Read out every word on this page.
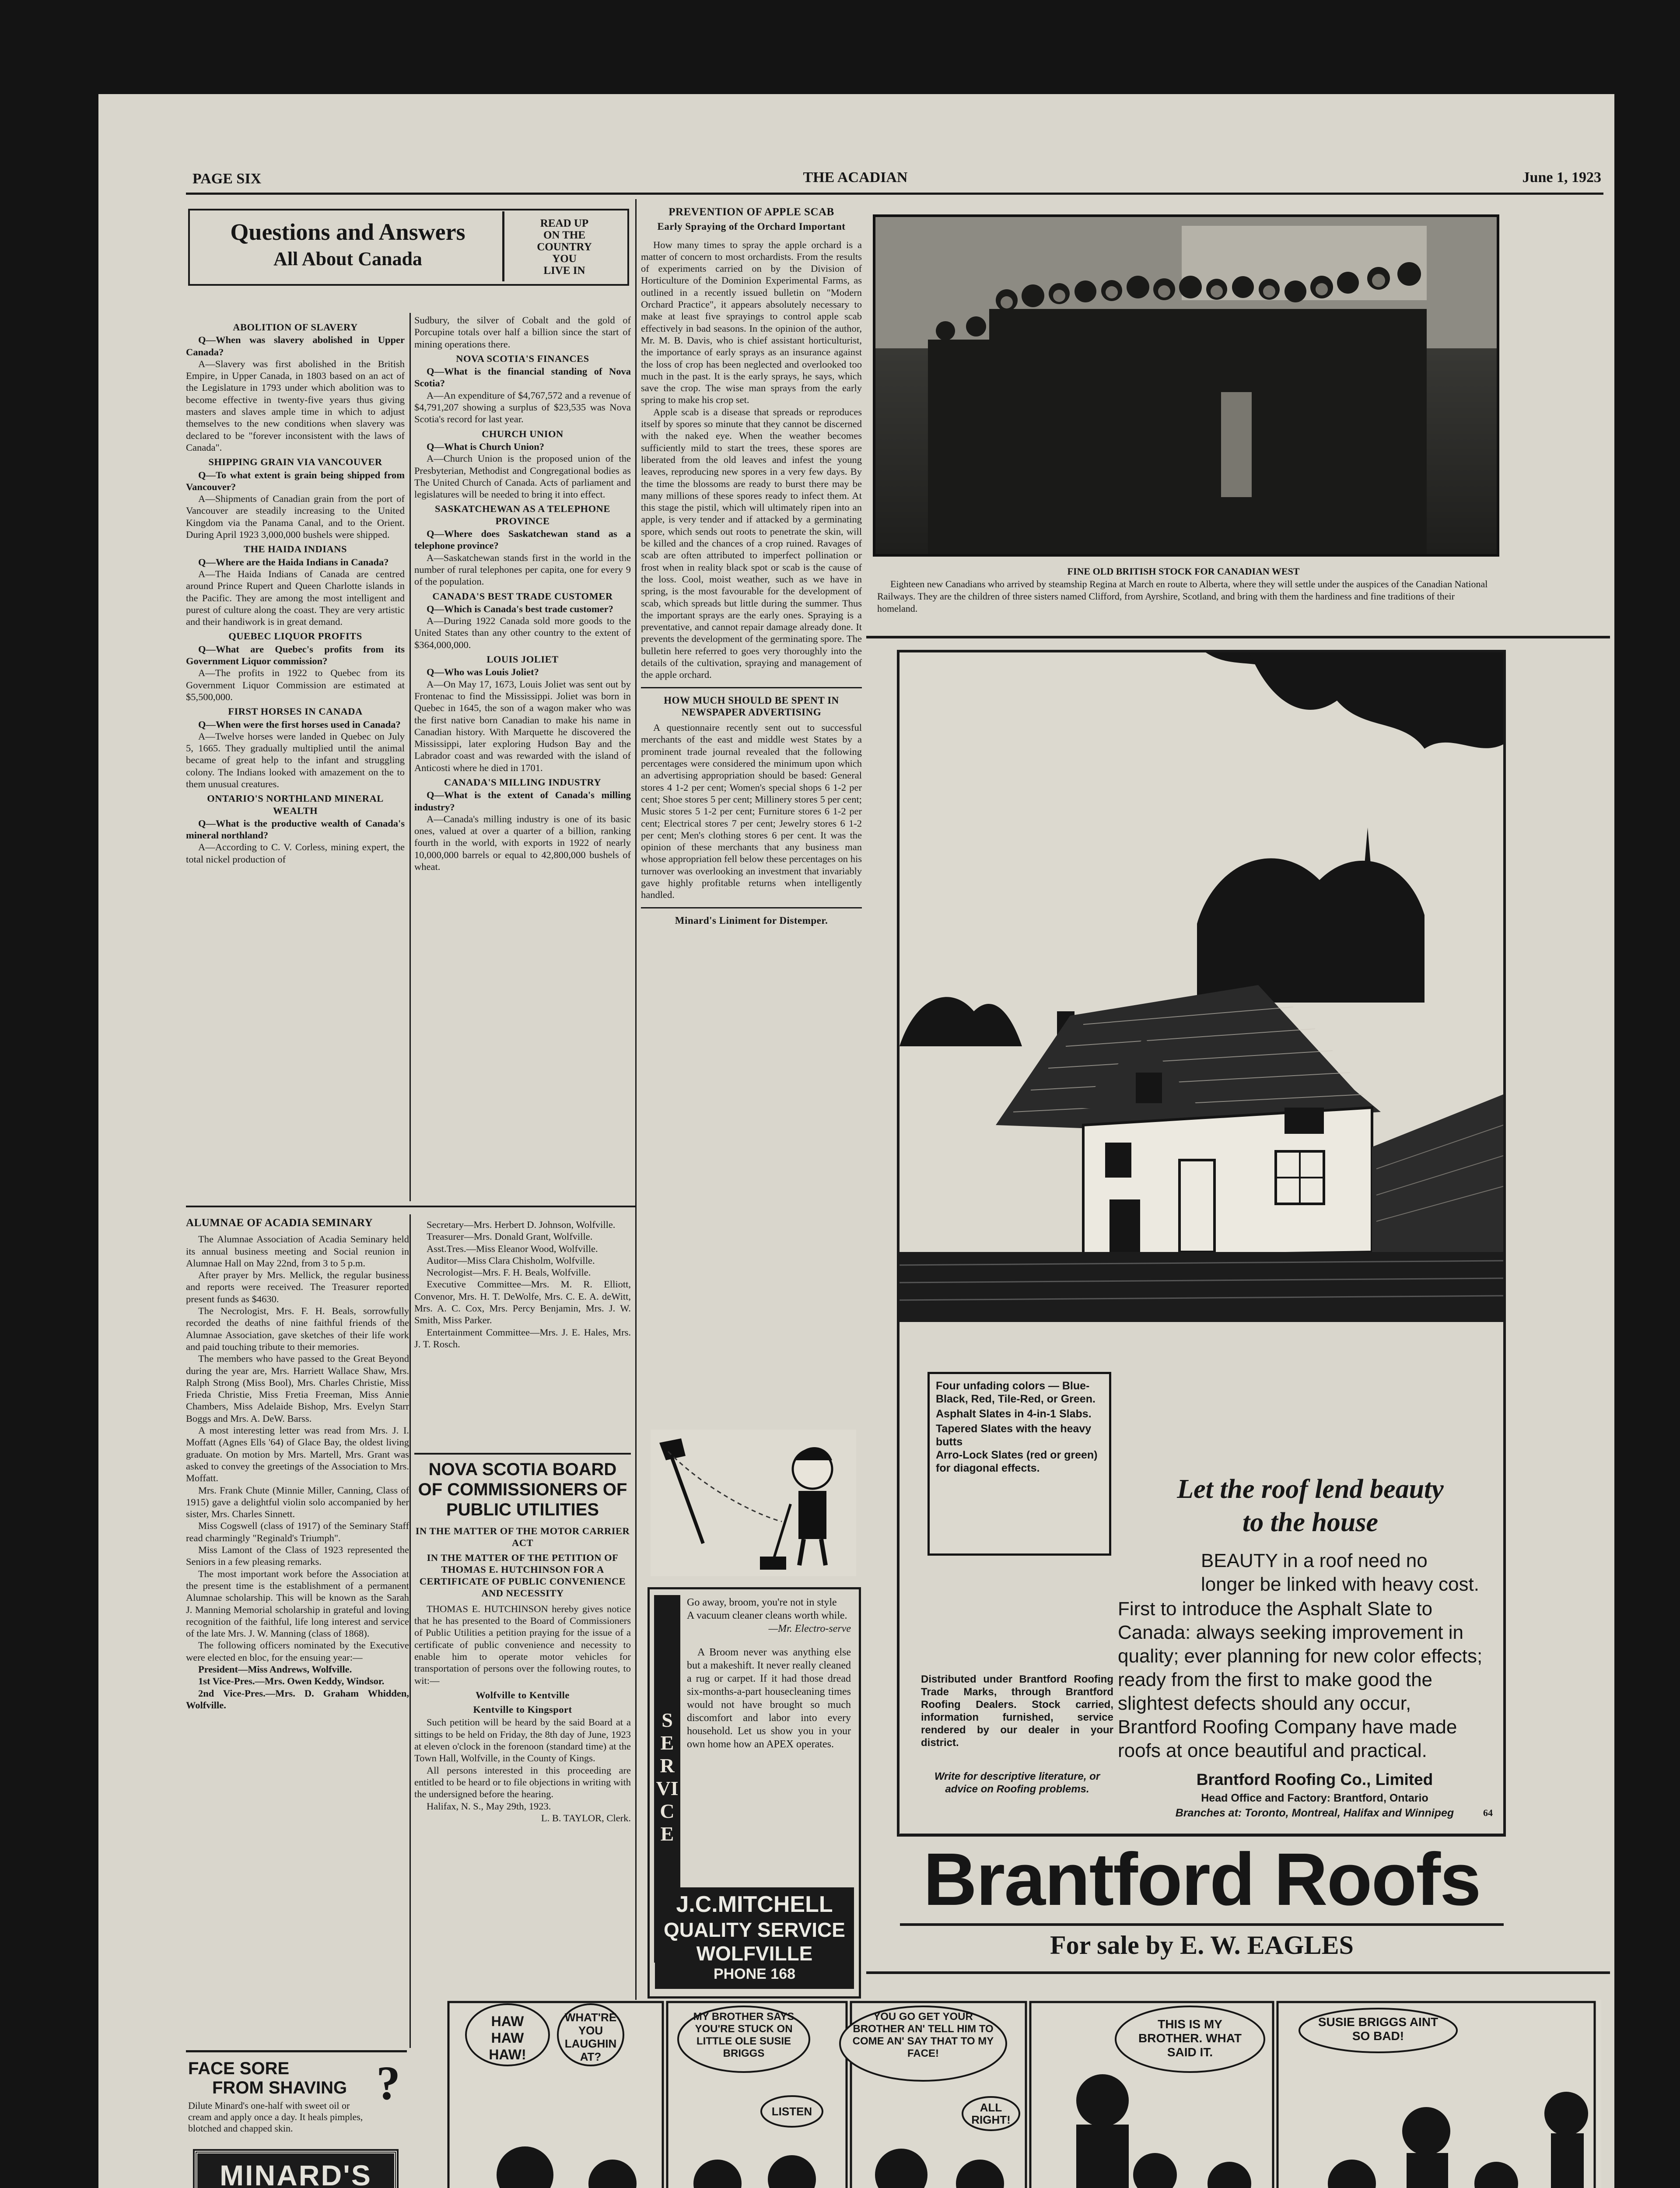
PAGE SIX	THE ACADIAN	June 1, 1923
Questions and Answers
All About Canada
READ UP
ON THE
COUNTRY
YOU
LIVE IN
ABOLITION OF SLAVERY

Q—When was slavery abolished in Upper Canada?

A—Slavery was first abolished in the British Empire, in Upper Canada, in 1803 based on an act of the Legislature in 1793 under which abolition was to become effective in twenty-five years thus giving masters and slaves ample time in which to adjust themselves to the new conditions when slavery was declared to be "forever inconsistent with the laws of Canada".

SHIPPING GRAIN VIA VANCOUVER

Q—To what extent is grain being shipped from Vancouver?

A—Shipments of Canadian grain from the port of Vancouver are steadily increasing to the United Kingdom via the Panama Canal, and to the Orient. During April 1923 3,000,000 bushels were shipped.

THE HAIDA INDIANS

Q—Where are the Haida Indians in Canada?

A—The Haida Indians of Canada are centred around Prince Rupert and Queen Charlotte islands in the Pacific. They are among the most intelligent and purest of culture along the coast. They are very artistic and their handiwork is in great demand.

QUEBEC LIQUOR PROFITS

Q—What are Quebec's profits from its Government Liquor commission?

A—The profits in 1922 to Quebec from its Government Liquor Commission are estimated at $5,500,000.

FIRST HORSES IN CANADA

Q—When were the first horses used in Canada?

A—Twelve horses were landed in Quebec on July 5, 1665. They gradually multiplied until the animal became of great help to the infant and struggling colony. The Indians looked with amazement on the to them unusual creatures.

ONTARIO'S NORTHLAND MINERAL WEALTH

Q—What is the productive wealth of Canada's mineral northland?

A—According to C. V. Corless, mining expert, the total nickel production of

Sudbury, the silver of Cobalt and the gold of Porcupine totals over half a billion since the start of mining operations there.

NOVA SCOTIA'S FINANCES

Q—What is the financial standing of Nova Scotia?

A—An expenditure of $4,767,572 and a revenue of $4,791,207 showing a surplus of $23,535 was Nova Scotia's record for last year.

CHURCH UNION

Q—What is Church Union?

A—Church Union is the proposed union of the Presbyterian, Methodist and Congregational bodies as The United Church of Canada. Acts of parliament and legislatures will be needed to bring it into effect.

SASKATCHEWAN AS A TELEPHONE PROVINCE

Q—Where does Saskatchewan stand as a telephone province?

A—Saskatchewan stands first in the world in the number of rural telephones per capita, one for every 9 of the population.

CANADA'S BEST TRADE CUSTOMER

Q—Which is Canada's best trade customer?

A—During 1922 Canada sold more goods to the United States than any other country to the extent of $364,000,000.

LOUIS JOLIET

Q—Who was Louis Joliet?

A—On May 17, 1673, Louis Joliet was sent out by Frontenac to find the Mississippi. Joliet was born in Quebec in 1645, the son of a wagon maker who was the first native born Canadian to make his name in Canadian history. With Marquette he discovered the Mississippi, later exploring Hudson Bay and the Labrador coast and was rewarded with the island of Anticosti where he died in 1701.

CANADA'S MILLING INDUSTRY

Q—What is the extent of Canada's milling industry?

A—Canada's milling industry is one of its basic ones, valued at over a quarter of a billion, ranking fourth in the world, with exports in 1922 of nearly 10,000,000 barrels or equal to 42,800,000 bushels of wheat.

PREVENTION OF APPLE SCAB
Early Spraying of the Orchard Important

How many times to spray the apple orchard is a matter of concern to most orchardists. From the results of experiments carried on by the Division of Horticulture of the Dominion Experimental Farms, as outlined in a recently issued bulletin on "Modern Orchard Practice", it appears absolutely necessary to make at least five sprayings to control apple scab effectively in bad seasons. In the opinion of the author, Mr. M. B. Davis, who is chief assistant horticulturist, the importance of early sprays as an insurance against the loss of crop has been neglected and overlooked too much in the past. It is the early sprays, he says, which save the crop. The wise man sprays from the early spring to make his crop set.

Apple scab is a disease that spreads or reproduces itself by spores so minute that they cannot be discerned with the naked eye. When the weather becomes sufficiently mild to start the trees, these spores are liberated from the old leaves and infest the young leaves, reproducing new spores in a very few days. By the time the blossoms are ready to burst there may be many millions of these spores ready to infect them. At this stage the pistil, which will ultimately ripen into an apple, is very tender and if attacked by a germinating spore, which sends out roots to penetrate the skin, will be killed and the chances of a crop ruined. Ravages of scab are often attributed to imperfect pollination or frost when in reality black spot or scab is the cause of the loss. Cool, moist weather, such as we have in spring, is the most favourable for the development of scab, which spreads but little during the summer. Thus the important sprays are the early ones. Spraying is a preventative, and cannot repair damage already done. It prevents the development of the germinating spore. The bulletin here referred to goes very thoroughly into the details of the cultivation, spraying and management of the apple orchard.

HOW MUCH SHOULD BE SPENT IN NEWSPAPER ADVERTISING

A questionnaire recently sent out to successful merchants of the east and middle west States by a prominent trade journal revealed that the following percentages were considered the minimum upon which an advertising appropriation should be based: General stores 4 1-2 per cent; Women's special shops 6 1-2 per cent; Shoe stores 5 per cent; Millinery stores 5 per cent; Music stores 5 1-2 per cent; Furniture stores 6 1-2 per cent; Electrical stores 7 per cent; Jewelry stores 6 1-2 per cent; Men's clothing stores 6 per cent. It was the opinion of these merchants that any business man whose appropriation fell below these percentages on his turnover was overlooking an investment that invariably gave highly profitable returns when intelligently handled.

Minard's Liniment for Distemper.
SERVICE
Go away, broom, you're not in style
A vacuum cleaner cleans worth while.
—Mr. Electro-serve
A Broom never was anything else but a makeshift. It never really cleaned a rug or carpet. If it had those dread six-months-a-part housecleaning times would not have brought so much discomfort and labor into every household. Let us show you in your own home how an APEX operates.
J.C.MITCHELL
QUALITY SERVICE
WOLFVILLE
PHONE 168
ALUMNAE OF ACADIA SEMINARY

The Alumnae Association of Acadia Seminary held its annual business meeting and Social reunion in Alumnae Hall on May 22nd, from 3 to 5 p.m.

After prayer by Mrs. Mellick, the regular business and reports were received. The Treasurer reported present funds as $4630.

The Necrologist, Mrs. F. H. Beals, sorrowfully recorded the deaths of nine faithful friends of the Alumnae Association, gave sketches of their life work and paid touching tribute to their memories.

The members who have passed to the Great Beyond during the year are, Mrs. Harriett Wallace Shaw, Mrs. Ralph Strong (Miss Bool), Mrs. Charles Christie, Miss Frieda Christie, Miss Fretia Freeman, Miss Annie Chambers, Miss Adelaide Bishop, Mrs. Evelyn Starr Boggs and Mrs. A. DeW. Barss.

A most interesting letter was read from Mrs. J. I. Moffatt (Agnes Ells '64) of Glace Bay, the oldest living graduate. On motion by Mrs. Martell, Mrs. Grant was asked to convey the greetings of the Association to Mrs. Moffatt.

Mrs. Frank Chute (Minnie Miller, Canning, Class of 1915) gave a delightful violin solo accompanied by her sister, Mrs. Charles Sinnett.

Miss Cogswell (class of 1917) of the Seminary Staff read charmingly "Reginald's Triumph".

Miss Lamont of the Class of 1923 represented the Seniors in a few pleasing remarks.

The most important work before the Association at the present time is the establishment of a permanent Alumnae scholarship. This will be known as the Sarah J. Manning Memorial scholarship in grateful and loving recognition of the faithful, life long interest and service of the late Mrs. J. W. Manning (class of 1868).

The following officers nominated by the Executive were elected en bloc, for the ensuing year:—

President—Miss Andrews, Wolfville.

1st Vice-Pres.—Mrs. Owen Keddy, Windsor.

2nd Vice-Pres.—Mrs. D. Graham Whidden, Wolfville.

Secretary—Mrs. Herbert D. Johnson, Wolfville.

Treasurer—Mrs. Donald Grant, Wolfville.

Asst.Tres.—Miss Eleanor Wood, Wolfville.

Auditor—Miss Clara Chisholm, Wolfville.

Necrologist—Mrs. F. H. Beals, Wolfville.

Executive Committee—Mrs. M. R. Elliott, Convenor, Mrs. H. T. DeWolfe, Mrs. C. E. A. deWitt, Mrs. A. C. Cox, Mrs. Percy Benjamin, Mrs. J. W. Smith, Miss Parker.

Entertainment Committee—Mrs. J. E. Hales, Mrs. J. T. Rosch.

NOVA SCOTIA BOARD OF COMMISSIONERS OF PUBLIC UTILITIES
IN THE MATTER OF THE MOTOR CARRIER ACT
IN THE MATTER OF THE PETITION OF THOMAS E. HUTCHINSON FOR A CERTIFICATE OF PUBLIC CONVENIENCE AND NECESSITY

THOMAS E. HUTCHINSON hereby gives notice that he has presented to the Board of Commissioners of Public Utilities a petition praying for the issue of a certificate of public convenience and necessity to enable him to operate motor vehicles for transportation of persons over the following routes, to wit:—

Wolfville to Kentville
Kentville to Kingsport

Such petition will be heard by the said Board at a sittings to be held on Friday, the 8th day of June, 1923 at eleven o'clock in the forenoon (standard time) at the Town Hall, Wolfville, in the County of Kings.

All persons interested in this proceeding are entitled to be heard or to file objections in writing with the undersigned before the hearing.

Halifax, N. S., May 29th, 1923.

L. B. TAYLOR, Clerk.
FACE SORE
FROM SHAVING ?
Dilute Minard's one-half with sweet oil or cream and apply once a day. It heals pimples, blotched and chapped skin.
MINARD'S
FINE OLD BRITISH STOCK FOR CANADIAN WEST
Eighteen new Canadians who arrived by steamship Regina at March en route to Alberta, where they will settle under the auspices of the Canadian National Railways. They are the children of three sisters named Clifford, from Ayrshire, Scotland, and bring with them the hardiness and fine traditions of their homeland.
Four unfading colors — Blue-Black, Red, Tile-Red, or Green.
Asphalt Slates in 4-in-1 Slabs.
Tapered Slates with the heavy butts
Arro-Lock Slates (red or green) for diagonal effects.
Let the roof lend beauty
to the house
BEAUTY in a roof need no longer be linked with heavy cost.
First to introduce the Asphalt Slate to Canada: always seeking improvement in quality; ever planning for new color effects; ready from the first to make good the slightest defects should any occur, Brantford Roofing Company have made roofs at once beautiful and practical.
Distributed under Brantford Roofing Trade Marks, through Brantford Roofing Dealers. Stock carried, information furnished, service rendered by our dealer in your district.
Write for descriptive literature, or advice on Roofing problems.
Brantford Roofing Co., Limited
Head Office and Factory: Brantford, Ontario
Branches at: Toronto, Montreal, Halifax and Winnipeg	64
Brantford Roofs
For sale by E. W. EAGLES
HAW HAW HAW!
WHAT'RE YOU LAUGHIN AT?
MY BROTHER SAYS YOU'RE STUCK ON LITTLE OLE SUSIE BRIGGS
LISTEN
YOU GO GET YOUR BROTHER AN' TELL HIM TO COME AN' SAY THAT TO MY FACE!
ALL RIGHT!
THIS IS MY BROTHER. WHAT SAID IT.
SUSIE BRIGGS AINT SO BAD!
